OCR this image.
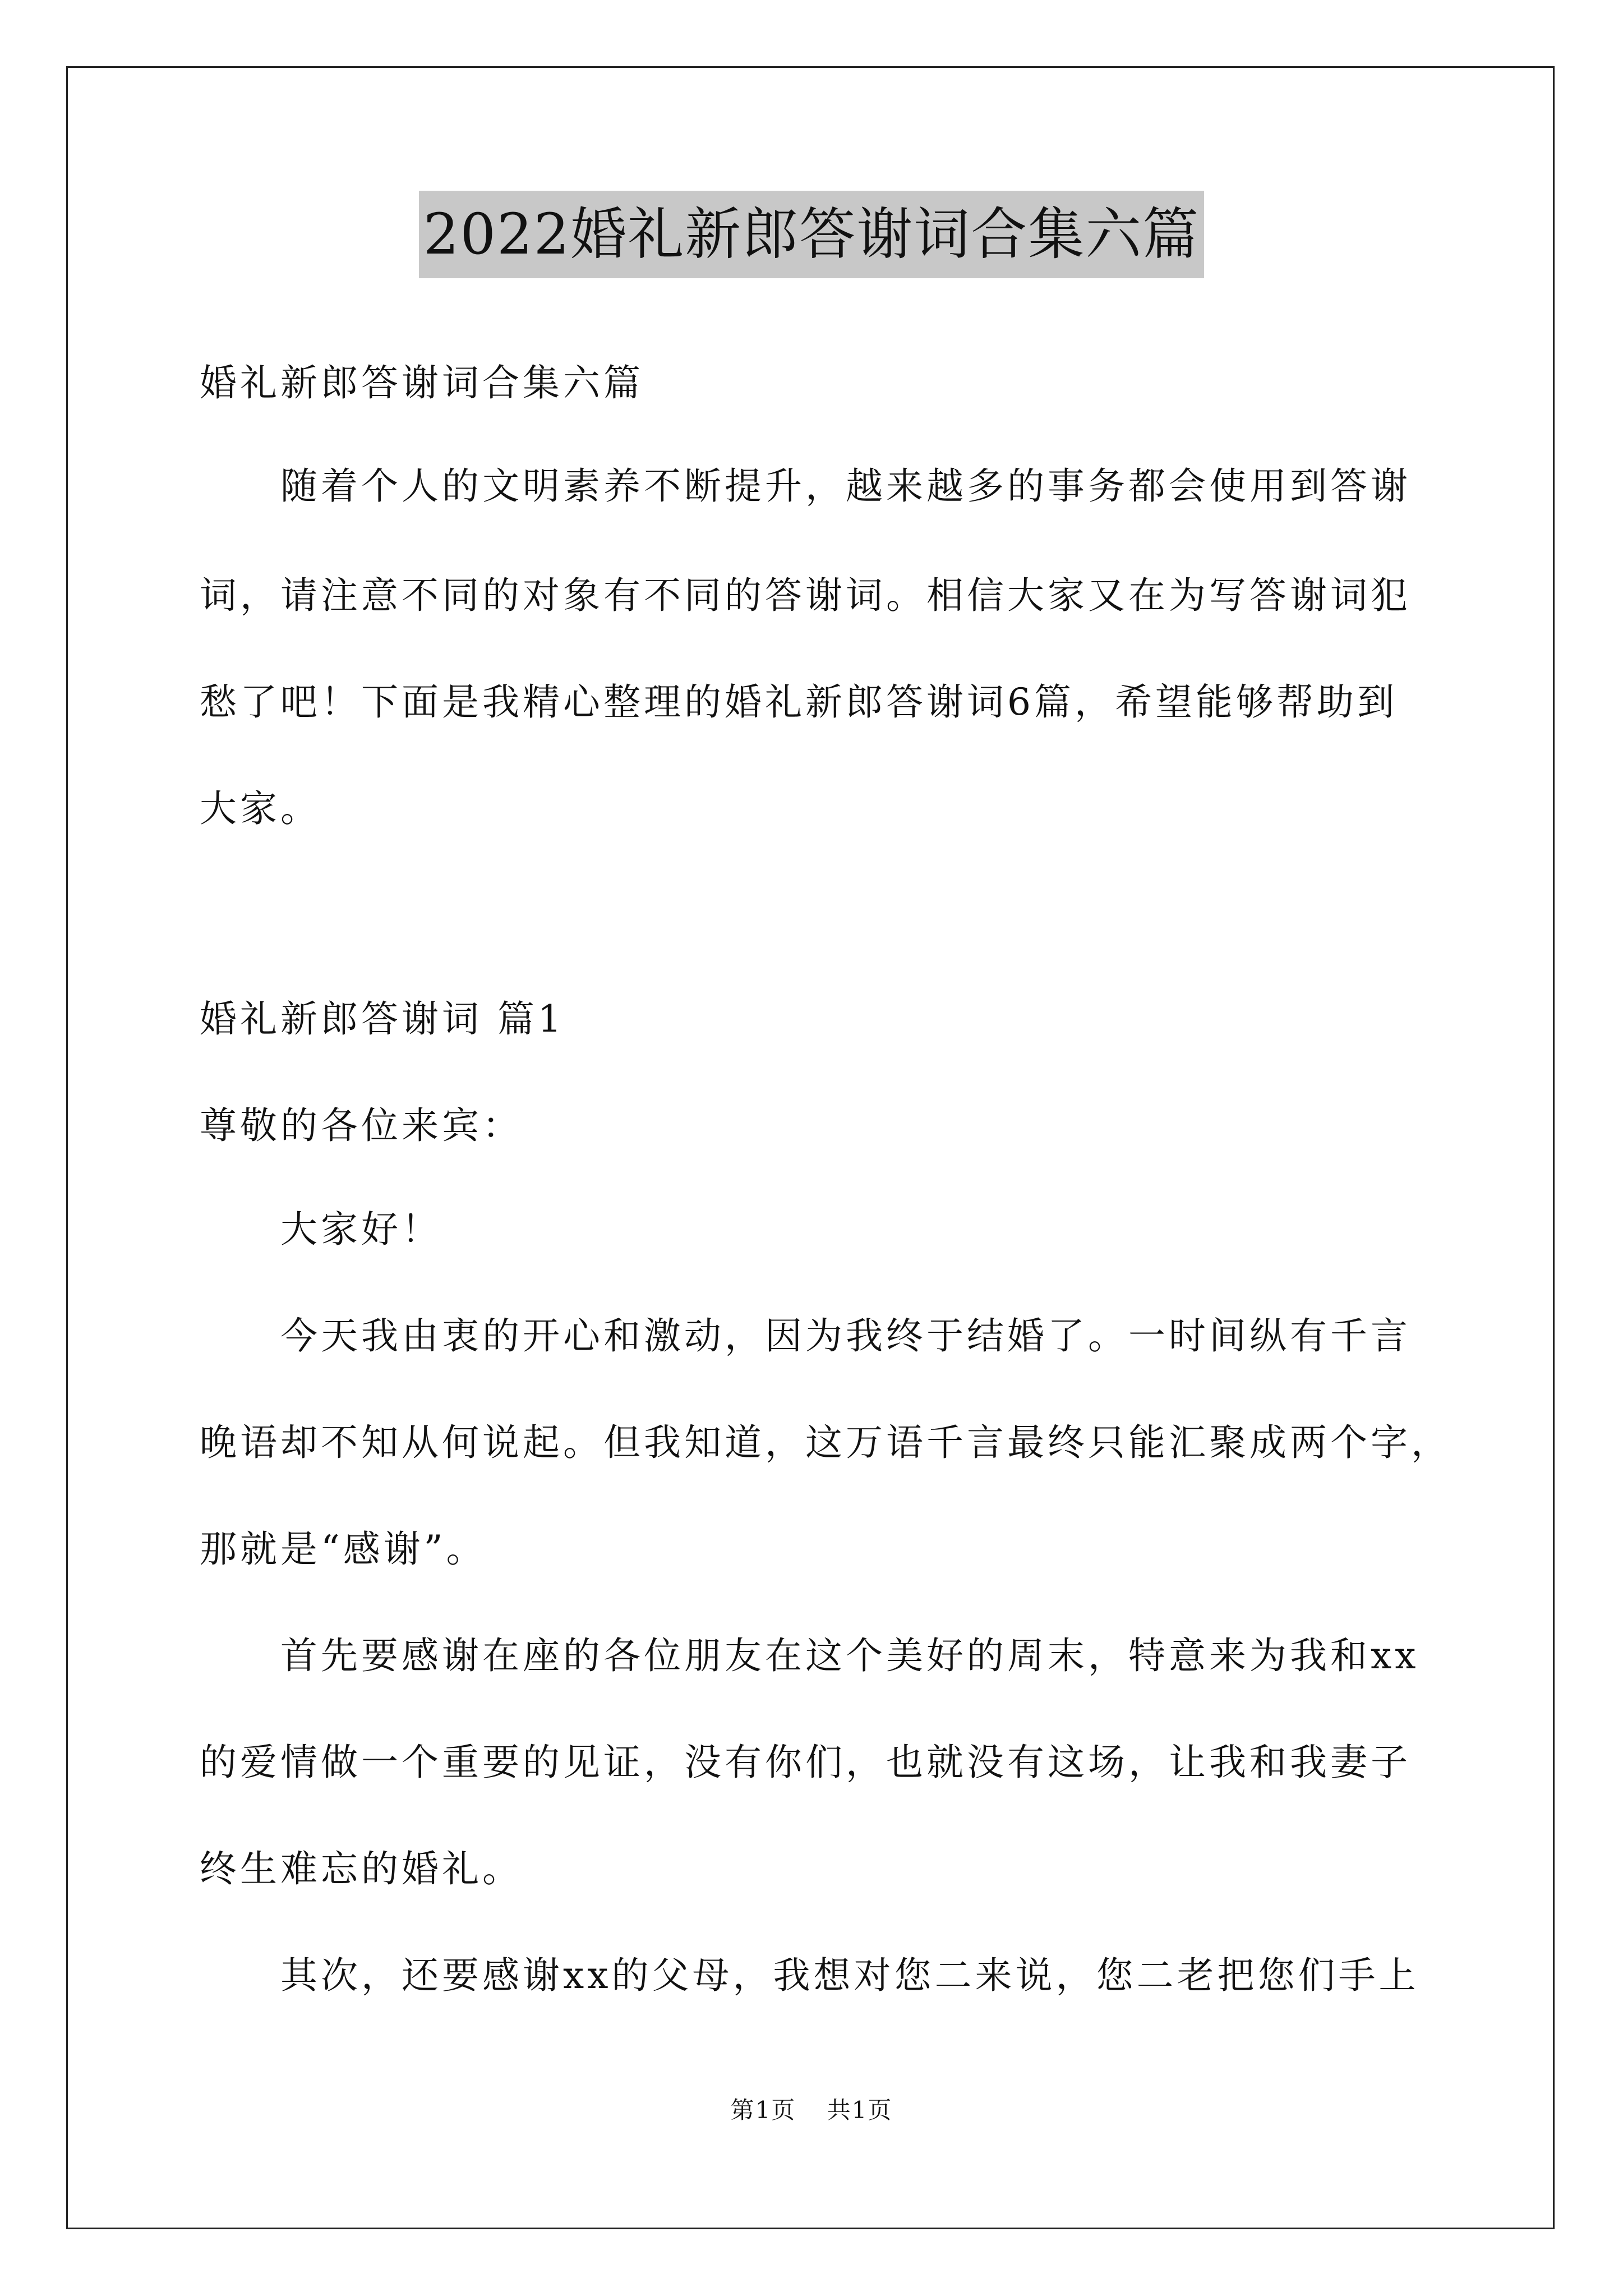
2022婚礼新郎答谢词合集六篇
婚礼新郎答谢词合集六篇
随着个人的文明素养不断提升，越来越多的事务都会使用到答谢
词，请注意不同的对象有不同的答谢词。相信大家又在为写答谢词犯
愁了吧！下面是我精心整理的婚礼新郎答谢词6篇，希望能够帮助到
大家。
婚礼新郎答谢词 篇1
尊敬的各位来宾：
大家好！
今天我由衷的开心和激动，因为我终于结婚了。一时间纵有千言
晚语却不知从何说起。但我知道，这万语千言最终只能汇聚成两个字，
那就是“感谢”。
首先要感谢在座的各位朋友在这个美好的周末，特意来为我和xx
的爱情做一个重要的见证，没有你们，也就没有这场，让我和我妻子
终生难忘的婚礼。
其次，还要感谢xx的父母，我想对您二来说，您二老把您们手上
第1页 共1页
